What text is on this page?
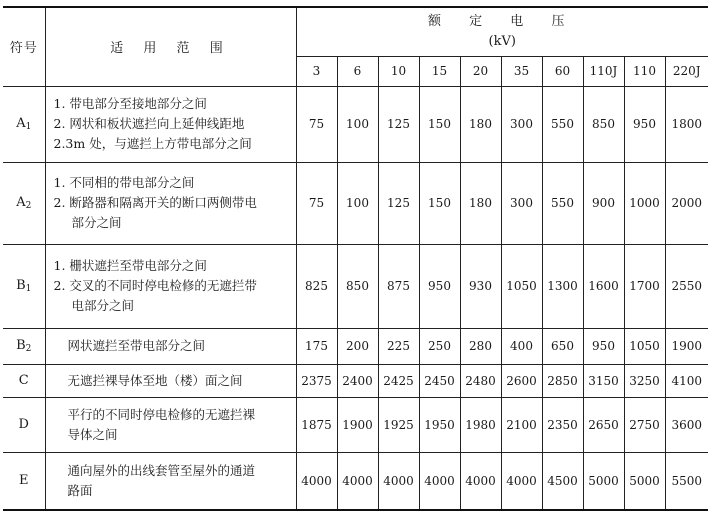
符号	适 用 范 围	额 定 电 压
(kV)									

		3	6	10	15	20	35	60	110J	110	220J
$A_1$	1. 带电部分至接地部分之间
2. 网状和板状遮拦向上延伸线距地
2.3m 处，与遮拦上方带电部分之间	75	100	125	150	180	300	550	850	950	1800
$A_2$	1. 不同相的带电部分之间
2. 断路器和隔离开关的断口两侧带电
部分之间	75	100	125	150	180	300	550	900	1000	2000
$B_1$	1. 栅状遮拦至带电部分之间
2. 交叉的不同时停电检修的无遮拦带
电部分之间	825	850	875	950	930	1050	1300	1600	1700	2550
$B_2$	网状遮拦至带电部分之间	175	200	225	250	280	400	650	950	1050	1900
C	无遮拦裸导体至地（楼）面之间	2375	2400	2425	2450	2480	2600	2850	3150	3250	4100
D	平行的不同时停电检修的无遮拦裸
导体之间	1875	1900	1925	1950	1980	2100	2350	2650	2750	3600
E	通向屋外的出线套管至屋外的通道
路面	4000	4000	4000	4000	4000	4000	4500	5000	5000	5500
